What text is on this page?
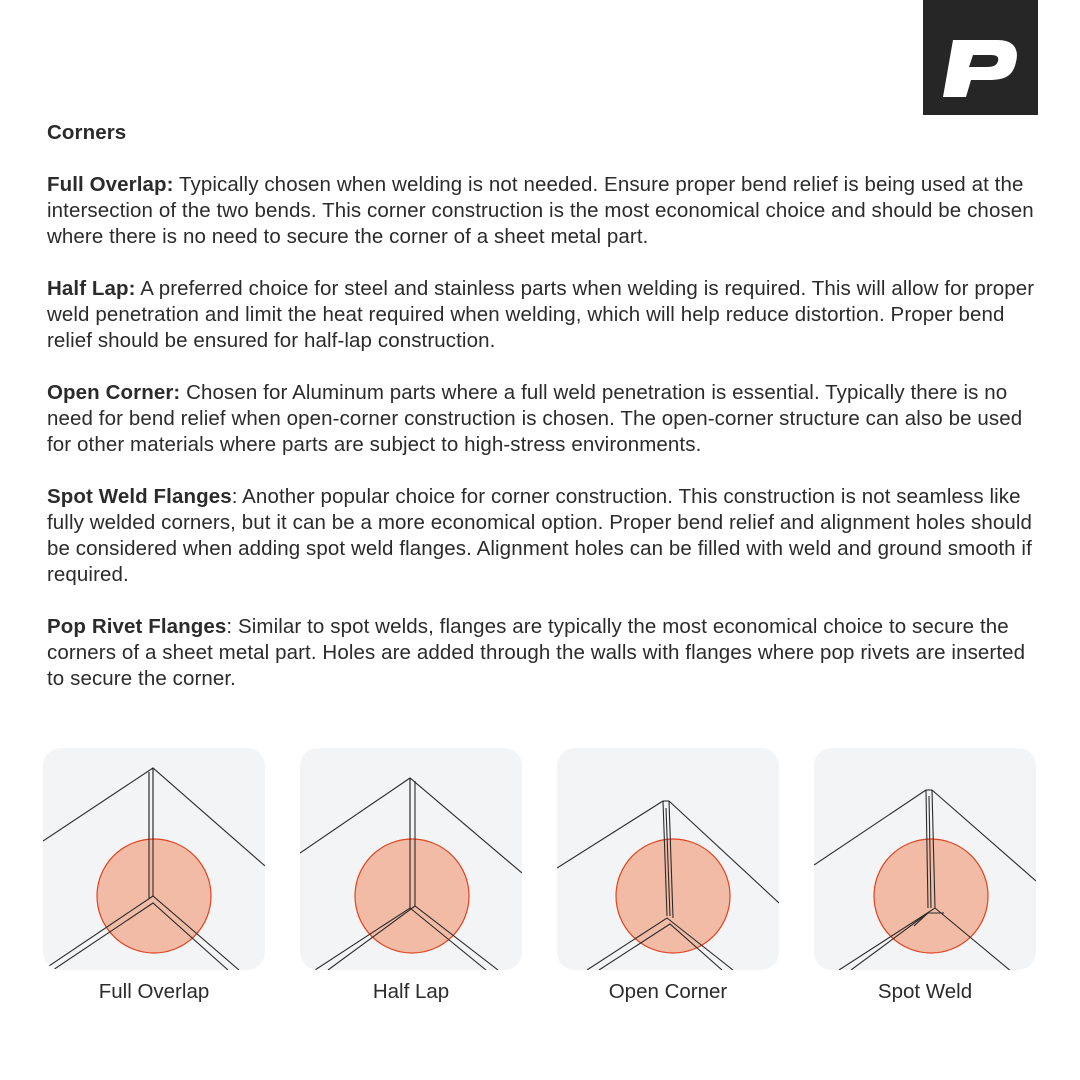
Corners

Full Overlap: Typically chosen when welding is not needed. Ensure proper bend relief is being used at the intersection of the two bends. This corner construction is the most economical choice and should be chosen where there is no need to secure the corner of a sheet metal part.

Half Lap: A preferred choice for steel and stainless parts when welding is required. This will allow for proper weld penetration and limit the heat required when welding, which will help reduce distortion. Proper bend relief should be ensured for half-lap construction.

Open Corner: Chosen for Aluminum parts where a full weld penetration is essential. Typically there is no need for bend relief when open-corner construction is chosen. The open-corner structure can also be used for other materials where parts are subject to high-stress environments.

Spot Weld Flanges: Another popular choice for corner construction. This construction is not seamless like fully welded corners, but it can be a more economical option. Proper bend relief and alignment holes should be considered when adding spot weld flanges. Alignment holes can be filled with weld and ground smooth if required.

Pop Rivet Flanges: Similar to spot welds, flanges are typically the most economical choice to secure the corners of a sheet metal part. Holes are added through the walls with flanges where pop rivets are inserted to secure the corner.

Full Overlap	Half Lap	Open Corner	Spot Weld
